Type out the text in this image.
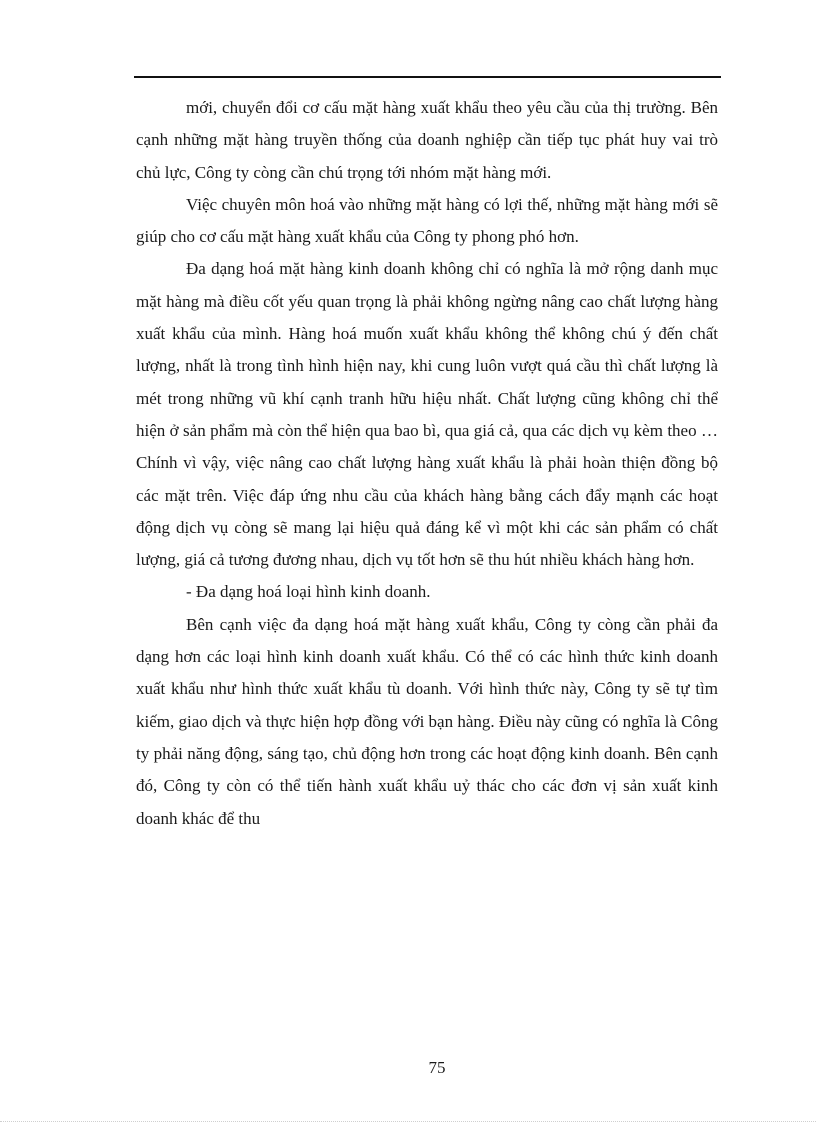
mới, chuyển đổi cơ cấu mặt hàng xuất khẩu theo yêu cầu của thị trường. Bên cạnh những mặt hàng truyền thống của doanh nghiệp cần tiếp tục phát huy vai trò chủ lực, Công ty còng cần chú trọng tới nhóm mặt hàng mới.

Việc chuyên môn hoá vào những mặt hàng có lợi thế, những mặt hàng mới sẽ giúp cho cơ cấu mặt hàng xuất khẩu của Công ty phong phó hơn.

Đa dạng hoá mặt hàng kinh doanh không chỉ có nghĩa là mở rộng danh mục mặt hàng mà điều cốt yếu quan trọng là phải không ngừng nâng cao chất lượng hàng xuất khẩu của mình. Hàng hoá muốn xuất khẩu không thể không chú ý đến chất lượng, nhất là trong tình hình hiện nay, khi cung luôn vượt quá cầu thì chất lượng là mét trong những vũ khí cạnh tranh hữu hiệu nhất. Chất lượng cũng không chỉ thể hiện ở sản phẩm mà còn thể hiện qua bao bì, qua giá cả, qua các dịch vụ kèm theo … Chính vì vậy, việc nâng cao chất lượng hàng xuất khẩu là phải hoàn thiện đồng bộ các mặt trên. Việc đáp ứng nhu cầu của khách hàng bằng cách đẩy mạnh các hoạt động dịch vụ còng sẽ mang lại hiệu quả đáng kể vì một khi các sản phẩm có chất lượng, giá cả tương đương nhau, dịch vụ tốt hơn sẽ thu hút nhiều khách hàng hơn.

- Đa dạng hoá loại hình kinh doanh.

Bên cạnh việc đa dạng hoá mặt hàng xuất khẩu, Công ty còng cần phải đa dạng hơn các loại hình kinh doanh xuất khẩu. Có thể có các hình thức kinh doanh xuất khẩu như hình thức xuất khẩu tù doanh. Với hình thức này, Công ty sẽ tự tìm kiếm, giao dịch và thực hiện hợp đồng với bạn hàng. Điều này cũng có nghĩa là Công ty phải năng động, sáng tạo, chủ động hơn trong các hoạt động kinh doanh. Bên cạnh đó, Công ty còn có thể tiến hành xuất khẩu uỷ thác cho các đơn vị sản xuất kinh doanh khác để thu

75
